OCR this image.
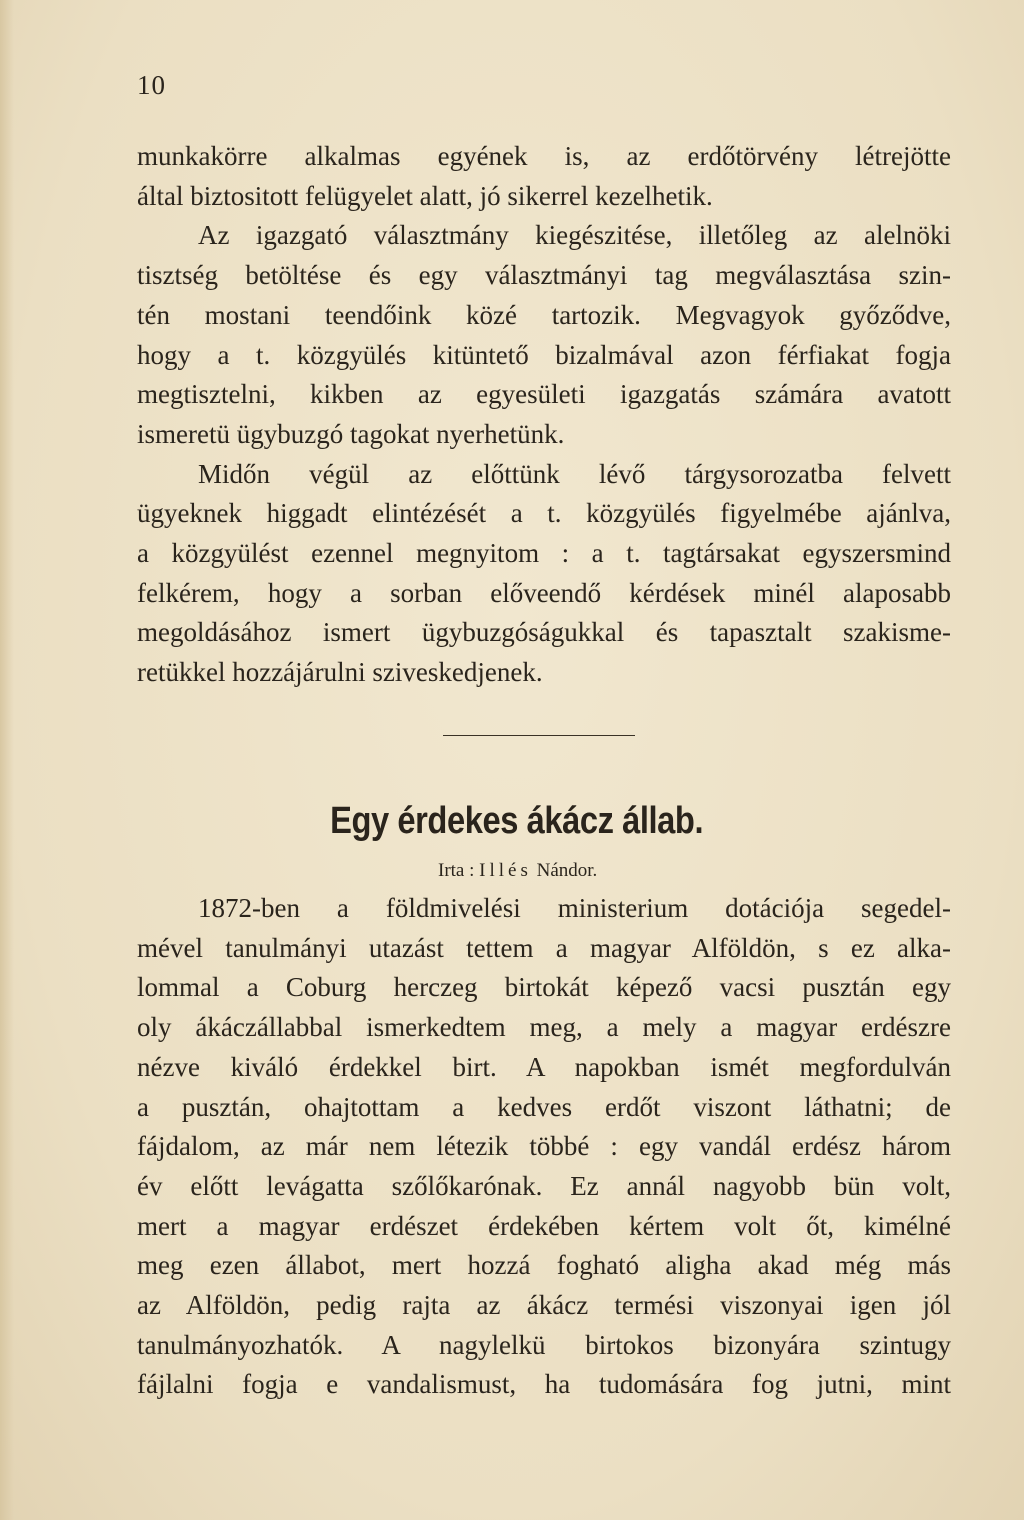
10
munkakörre alkalmas egyének is, az erdőtörvény létrejötte
által biztositott felügyelet alatt, jó sikerrel kezelhetik.
Az igazgató választmány kiegészitése, illetőleg az alelnöki
tisztség betöltése és egy választmányi tag megválasztása szin-
tén mostani teendőink közé tartozik. Megvagyok győződve,
hogy a t. közgyülés kitüntető bizalmával azon férfiakat fogja
megtisztelni, kikben az egyesületi igazgatás számára avatott
ismeretü ügybuzgó tagokat nyerhetünk.
Midőn végül az előttünk lévő tárgysorozatba felvett
ügyeknek higgadt elintézését a t. közgyülés figyelmébe ajánlva,
a közgyülést ezennel megnyitom : a t. tagtársakat egyszersmind
felkérem, hogy a sorban előveendő kérdések minél alaposabb
megoldásához ismert ügybuzgóságukkal és tapasztalt szakisme-
retükkel hozzájárulni sziveskedjenek.
Egy érdekes ákácz állab.
Irta : Illés Nándor.
1872-ben a földmivelési ministerium dotációja segedel-
mével tanulmányi utazást tettem a magyar Alföldön, s ez alka-
lommal a Coburg herczeg birtokát képező vacsi pusztán egy
oly ákáczállabbal ismerkedtem meg, a mely a magyar erdészre
nézve kiváló érdekkel birt. A napokban ismét megfordulván
a pusztán, ohajtottam a kedves erdőt viszont láthatni; de
fájdalom, az már nem létezik többé : egy vandál erdész három
év előtt levágatta szőlőkarónak. Ez annál nagyobb bün volt,
mert a magyar erdészet érdekében kértem volt őt, kimélné
meg ezen állabot, mert hozzá fogható aligha akad még más
az Alföldön, pedig rajta az ákácz termési viszonyai igen jól
tanulmányozhatók. A nagylelkü birtokos bizonyára szintugy
fájlalni fogja e vandalismust, ha tudomására fog jutni, mint
